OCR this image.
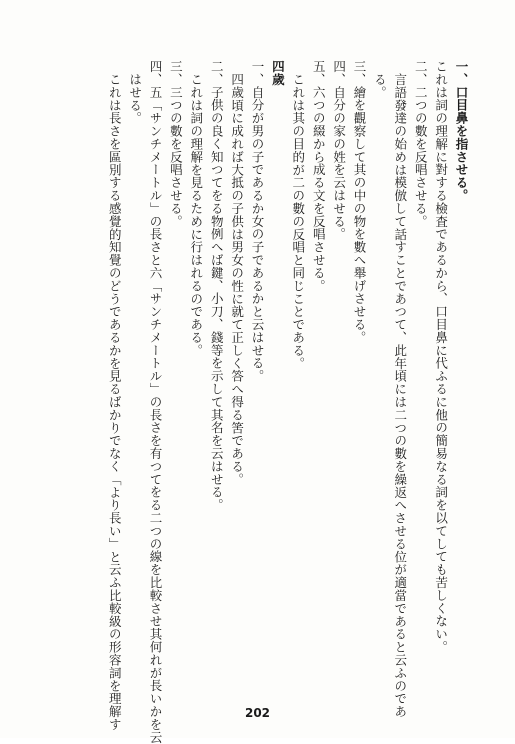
一、口目鼻を指させる。
これは詞の理解に對する檢査であるから、口目鼻に代ふるに他の簡易なる詞を以てしても苦しくない。
二、二つの數を反唱させる。
言語發達の始めは模倣して話すことであつて、此年頃には二つの數を繰返へさせる位が適當であると云ふのであ
る。
三、繪を觀察して其の中の物を數へ舉げさせる。
四、自分の家の姓を云はせる。
五、六つの綴から成る文を反唱させる。
これは其の目的が二の數の反唱と同じことである。
四歲
一、自分が男の子であるか女の子であるかと云はせる。
四歲頃に成れば大抵の子供は男女の性に就て正しく答へ得る筈である。
二、子供の良く知つてをる物例へば鍵、小刀、錢等を示して其名を云はせる。
これは詞の理解を見るために行はれるのである。
三、三つの數を反唱させる。
四、五「サンチメートル」の長さと六「サンチメートル」の長さを有つてをる二つの線を比較させ其何れが長いかを云
はせる。
これは長さを區別する感覺的知覺のどうであるかを見るばかりでなく「より長い」と云ふ比較級の形容詞を理解す	202
